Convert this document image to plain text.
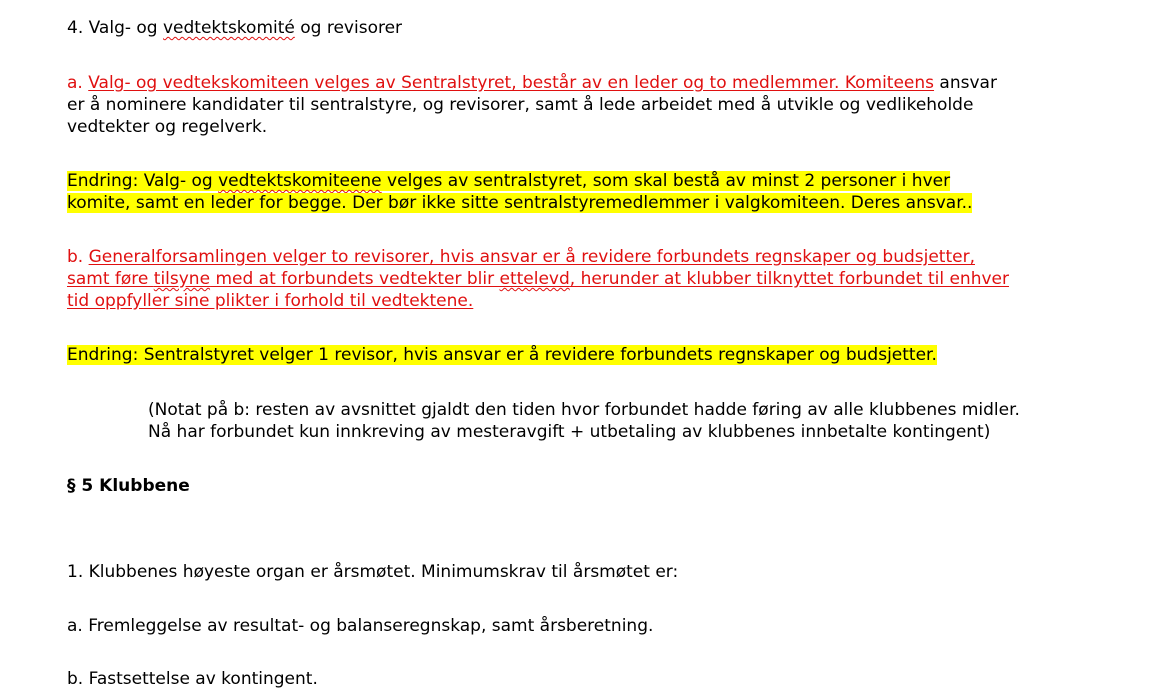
4. Valg- og vedtektskomité og revisorer
a. Valg- og vedtekskomiteen velges av Sentralstyret, består av en leder og to medlemmer. Komiteens ansvar
er å nominere kandidater til sentralstyre, og revisorer, samt å lede arbeidet med å utvikle og vedlikeholde
vedtekter og regelverk.
Endring: Valg- og vedtektskomiteene velges av sentralstyret, som skal bestå av minst 2 personer i hver
komite, samt en leder for begge. Der bør ikke sitte sentralstyremedlemmer i valgkomiteen. Deres ansvar..
b. Generalforsamlingen velger to revisorer, hvis ansvar er å revidere forbundets regnskaper og budsjetter,
samt føre tilsyne med at forbundets vedtekter blir ettelevd, herunder at klubber tilknyttet forbundet til enhver
tid oppfyller sine plikter i forhold til vedtektene.
Endring: Sentralstyret velger 1 revisor, hvis ansvar er å revidere forbundets regnskaper og budsjetter.
(Notat på b: resten av avsnittet gjaldt den tiden hvor forbundet hadde føring av alle klubbenes midler.
Nå har forbundet kun innkreving av mesteravgift + utbetaling av klubbenes innbetalte kontingent)
§ 5 Klubbene
1. Klubbenes høyeste organ er årsmøtet. Minimumskrav til årsmøtet er:
a. Fremleggelse av resultat- og balanseregnskap, samt årsberetning.
b. Fastsettelse av kontingent.
